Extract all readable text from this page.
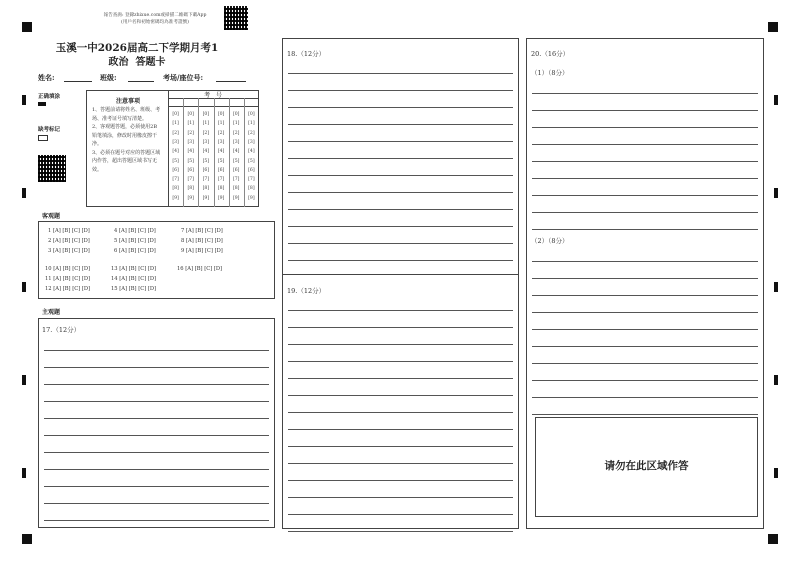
報告查詢: 登錄zhixue.com或掃描二維碼下載App
(用戶名和初始密碼均為准考證號)
玉溪一中2026届高二下学期月考1
政治  答题卡
姓名:	班级:	考场/座位号:
正确填涂
缺考标记
注意事项
1、答题前请将姓名、班级、考场、准考证号填写清楚。
2、客观题答题，必须使用2B铅笔填涂，修改时用橡皮擦干净。
3、必须在题号对应的答题区域内作答，超出答题区域书写无效。
考   号
[0]
[1]
[2]
[3]
[4]
[5]
[6]
[7]
[8]
[9]
[0]
[1]
[2]
[3]
[4]
[5]
[6]
[7]
[8]
[9]
[0]
[1]
[2]
[3]
[4]
[5]
[6]
[7]
[8]
[9]
[0]
[1]
[2]
[3]
[4]
[5]
[6]
[7]
[8]
[9]
[0]
[1]
[2]
[3]
[4]
[5]
[6]
[7]
[8]
[9]
[0]
[1]
[2]
[3]
[4]
[5]
[6]
[7]
[8]
[9]
客观题
1 [A] [B] [C] [D]
2 [A] [B] [C] [D]
3 [A] [B] [C] [D]
4 [A] [B] [C] [D]
5 [A] [B] [C] [D]
6 [A] [B] [C] [D]
7 [A] [B] [C] [D]
8 [A] [B] [C] [D]
9 [A] [B] [C] [D]
10 [A] [B] [C] [D]
11 [A] [B] [C] [D]
12 [A] [B] [C] [D]
13 [A] [B] [C] [D]
14 [A] [B] [C] [D]
15 [A] [B] [C] [D]
16 [A] [B] [C] [D]
主观题
17.（12分）
18.（12分）
19.（12分）
20.（16分）
（1）（8分）
（2）（8分）
请勿在此区域作答
